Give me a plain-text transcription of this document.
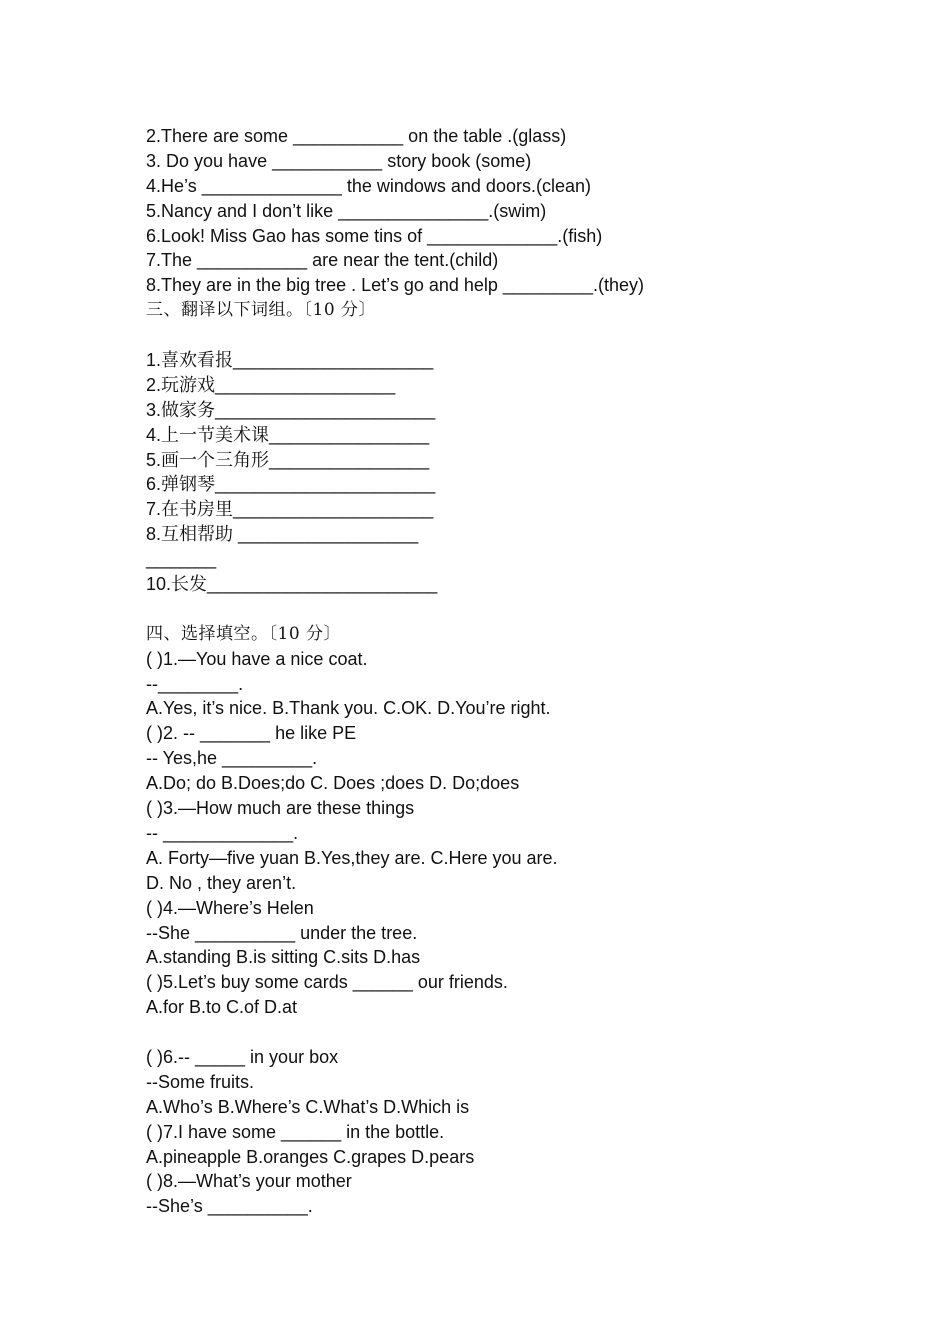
2.There are some ___________ on the table .(glass)
3. Do you have ___________ story book (some)
4.He’s ______________ the windows and doors.(clean)
5.Nancy and I don’t like _______________.(swim)
6.Look! Miss Gao has some tins of _____________.(fish)
7.The ___________ are near the tent.(child)
8.They are in the big tree . Let’s go and help _________.(they)
三、翻译以下词组。〔10 分〕
1.喜欢看报____________________
2.玩游戏__________________
3.做家务______________________
4.上一节美术课________________
5.画一个三角形________________
6.弹钢琴______________________
7.在书房里____________________
8.互相帮助 __________________
_______
10.长发_______________________
四、选择填空。〔10 分〕
( )1.—You have a nice coat.
--________.
A.Yes, it’s nice. B.Thank you. C.OK. D.You’re right.
( )2. -- _______ he like PE
-- Yes,he _________.
A.Do; do B.Does;do C. Does ;does D. Do;does
( )3.—How much are these things
-- _____________.
A. Forty—five yuan B.Yes,they are. C.Here you are.
D. No , they aren’t.
( )4.—Where’s Helen
--She __________ under the tree.
A.standing B.is sitting C.sits D.has
( )5.Let’s buy some cards ______ our friends.
A.for B.to C.of D.at
( )6.-- _____ in your box
--Some fruits.
A.Who’s B.Where’s C.What’s D.Which is
( )7.I have some ______ in the bottle.
A.pineapple B.oranges C.grapes D.pears
( )8.—What’s your mother
--She’s __________.
